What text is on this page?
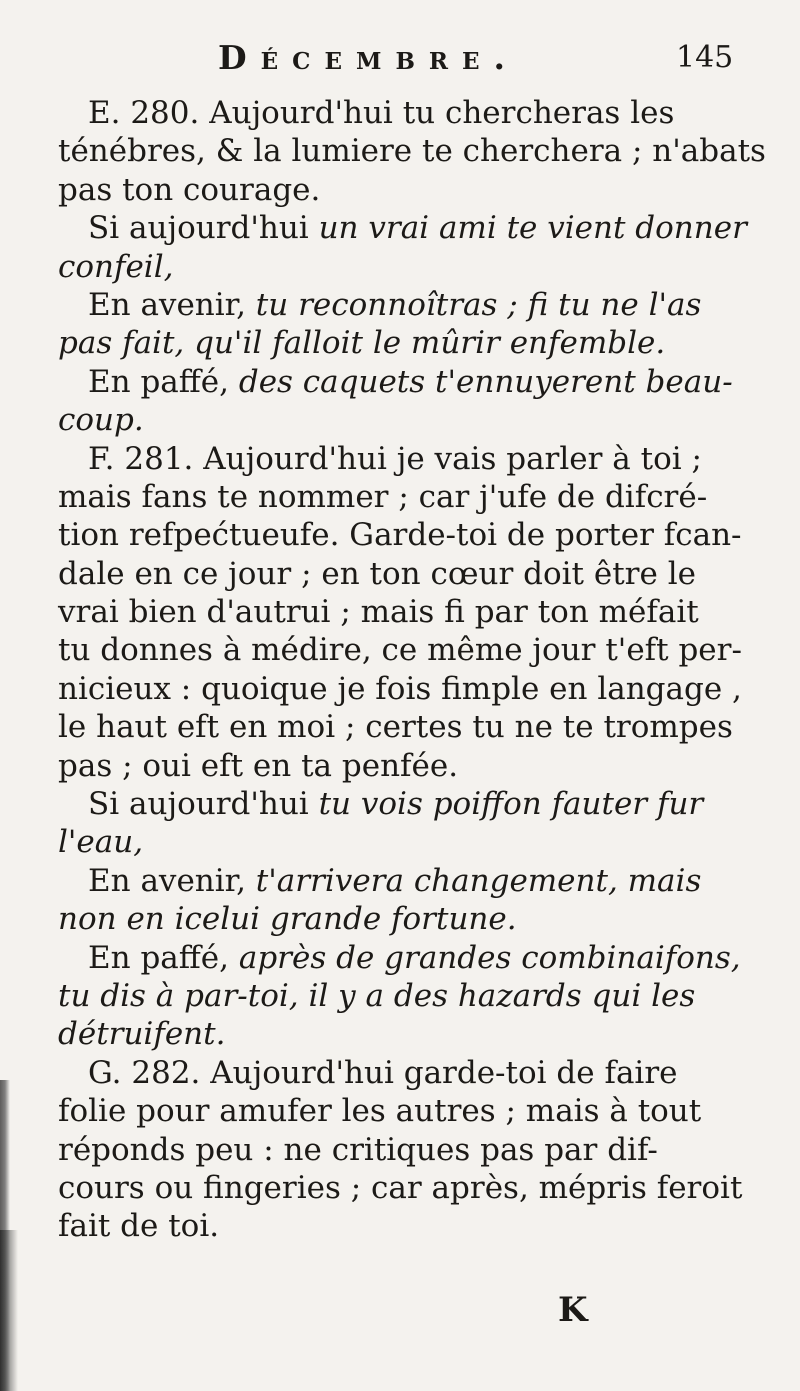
Décembre.	145
E. 280. Aujourd'hui tu chercheras les
ténébres, & la lumiere te cherchera ; n'abats
pas ton courage.
Si aujourd'hui un vrai ami te vient donner
confeil,
En avenir, tu reconnoîtras ; fi tu ne l'as
pas fait, qu'il falloit le mûrir enfemble.
En paffé, des caquets t'ennuyerent beau-
coup.
F. 281. Aujourd'hui je vais parler à toi ;
mais fans te nommer ; car j'ufe de difcré-
tion refpećtueufe. Garde-toi de porter fcan-
dale en ce jour ; en ton cœur doit être le
vrai bien d'autrui ; mais fi par ton méfait
tu donnes à médire, ce même jour t'eft per-
nicieux : quoique je fois fimple en langage ,
le haut eft en moi ; certes tu ne te trompes
pas ; oui eft en ta penfée.
Si aujourd'hui tu vois poiffon fauter fur
l'eau,
En avenir, t'arrivera changement, mais
non en icelui grande fortune.
En paffé, après de grandes combinaifons,
tu dis à par-toi, il y a des hazards qui les
détruifent.
G. 282. Aujourd'hui garde-toi de faire
folie pour amufer les autres ; mais à tout
réponds peu : ne critiques pas par dif-
cours ou fingeries ; car après, mépris feroit
fait de toi.
K
